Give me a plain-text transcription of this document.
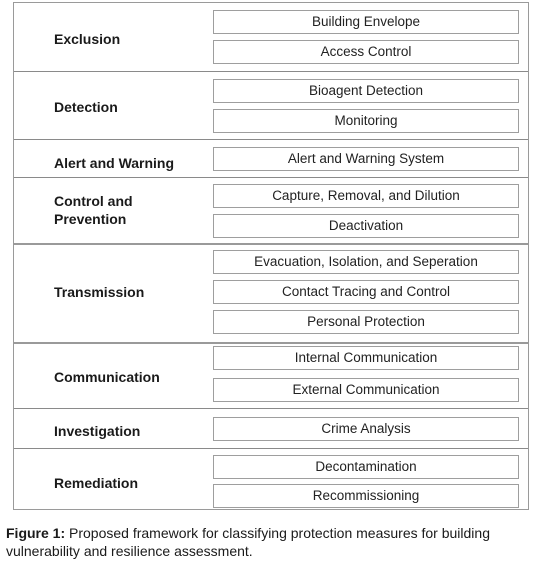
Exclusion
Building Envelope
Access Control
Detection
Bioagent Detection
Monitoring
Alert and Warning	Alert and Warning System
Control and
Prevention
Capture, Removal, and Dilution
Deactivation
Transmission
Evacuation, Isolation, and Seperation
Contact Tracing and Control
Personal Protection
Communication
Internal Communication
External Communication
Investigation	Crime Analysis
Remediation
Decontamination
Recommissioning
Figure 1: Proposed framework for classifying protection measures for building vulnerability and resilience assessment.
